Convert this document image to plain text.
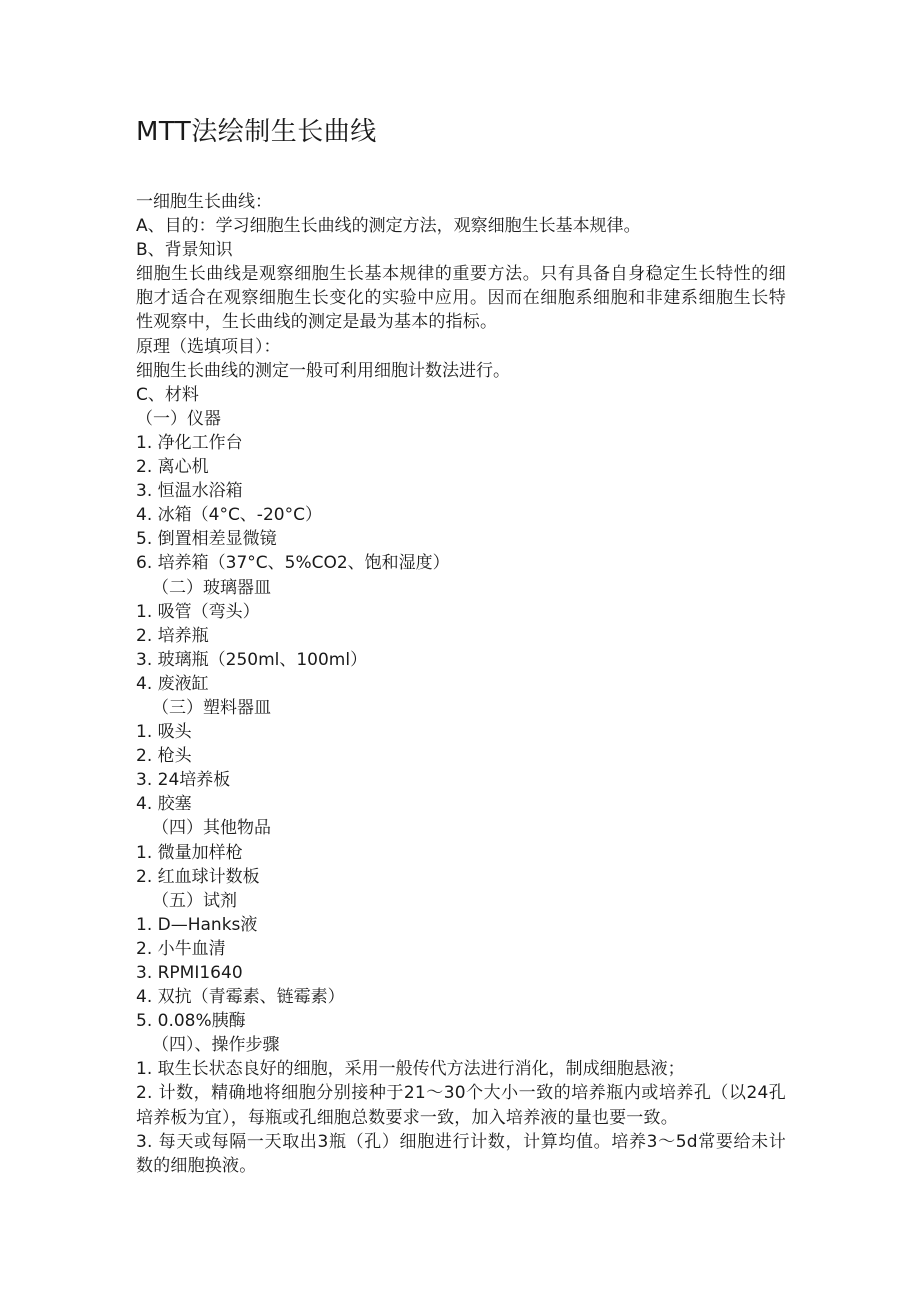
MTT法绘制生长曲线

一细胞生长曲线：

A、目的：学习细胞生长曲线的测定方法，观察细胞生长基本规律。

B、背景知识

细胞生长曲线是观察细胞生长基本规律的重要方法。只有具备自身稳定生长特性的细胞才适合在观察细胞生长变化的实验中应用。因而在细胞系细胞和非建系细胞生长特性观察中，生长曲线的测定是最为基本的指标。

原理（选填项目）：

细胞生长曲线的测定一般可利用细胞计数法进行。

C、材料

（一）仪器

1. 净化工作台

2. 离心机

3. 恒温水浴箱

4. 冰箱（4°C、-20°C）

5. 倒置相差显微镜

6. 培养箱（37°C、5%CO2、饱和湿度）

（二）玻璃器皿

1. 吸管（弯头）

2. 培养瓶

3. 玻璃瓶（250ml、100ml）

4. 废液缸

（三）塑料器皿

1. 吸头

2. 枪头

3. 24培养板

4. 胶塞

（四）其他物品

1. 微量加样枪

2. 红血球计数板

（五）试剂

1. D—Hanks液

2. 小牛血清

3. RPMI1640

4. 双抗（青霉素、链霉素）

5. 0.08%胰酶

（四）、操作步骤

1. 取生长状态良好的细胞，采用一般传代方法进行消化，制成细胞悬液；

2. 计数，精确地将细胞分别接种于21～30个大小一致的培养瓶内或培养孔（以24孔培养板为宜），每瓶或孔细胞总数要求一致，加入培养液的量也要一致。

3. 每天或每隔一天取出3瓶（孔）细胞进行计数，计算均值。培养3～5d常要给未计数的细胞换液。
